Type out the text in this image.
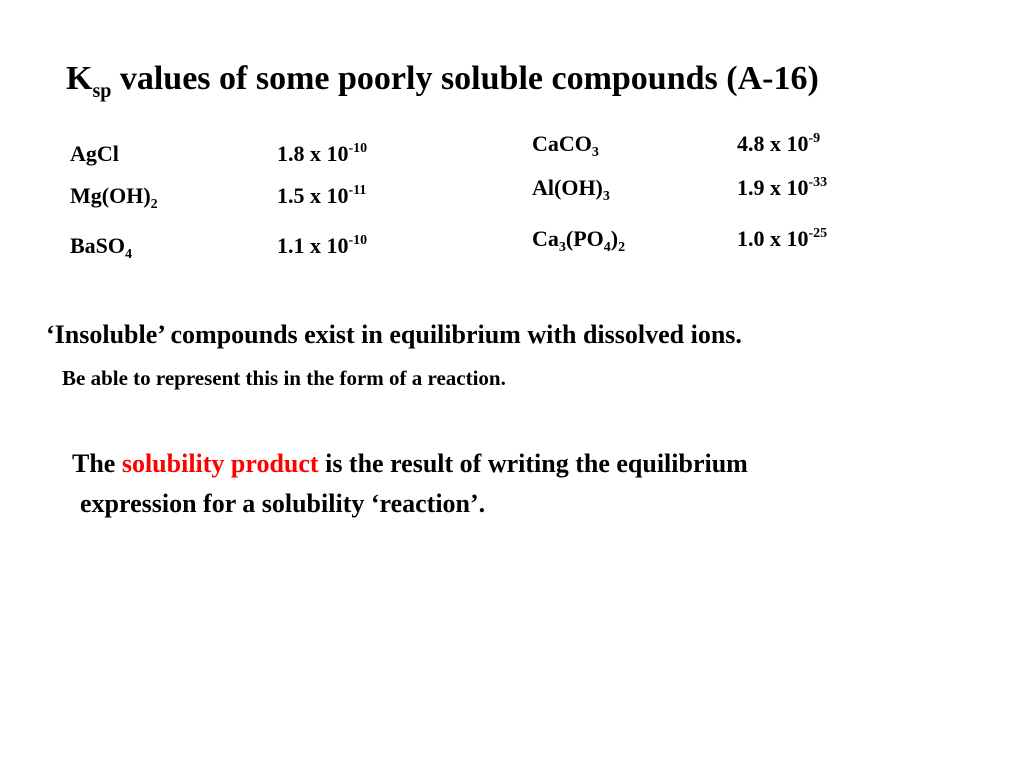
$K_{sp}$ values of some poorly soluble compounds (A-16)
AgCl	1.8 x $10^{-10}$
$Mg(OH)_2$	1.5 x $10^{-11}$
BaSO$_4$	1.1 x $10^{-10}$
CaCO$_3$	4.8 x $10^{-9}$
$Al(OH)_3$	1.9 x $10^{-33}$
$Ca_3(PO_4)_2$	1.0 x $10^{-25}$
‘Insoluble’ compounds exist in equilibrium with dissolved ions.
Be able to represent this in the form of a reaction.
The solubility product is the result of writing the equilibrium
expression for a solubility ‘reaction’.
